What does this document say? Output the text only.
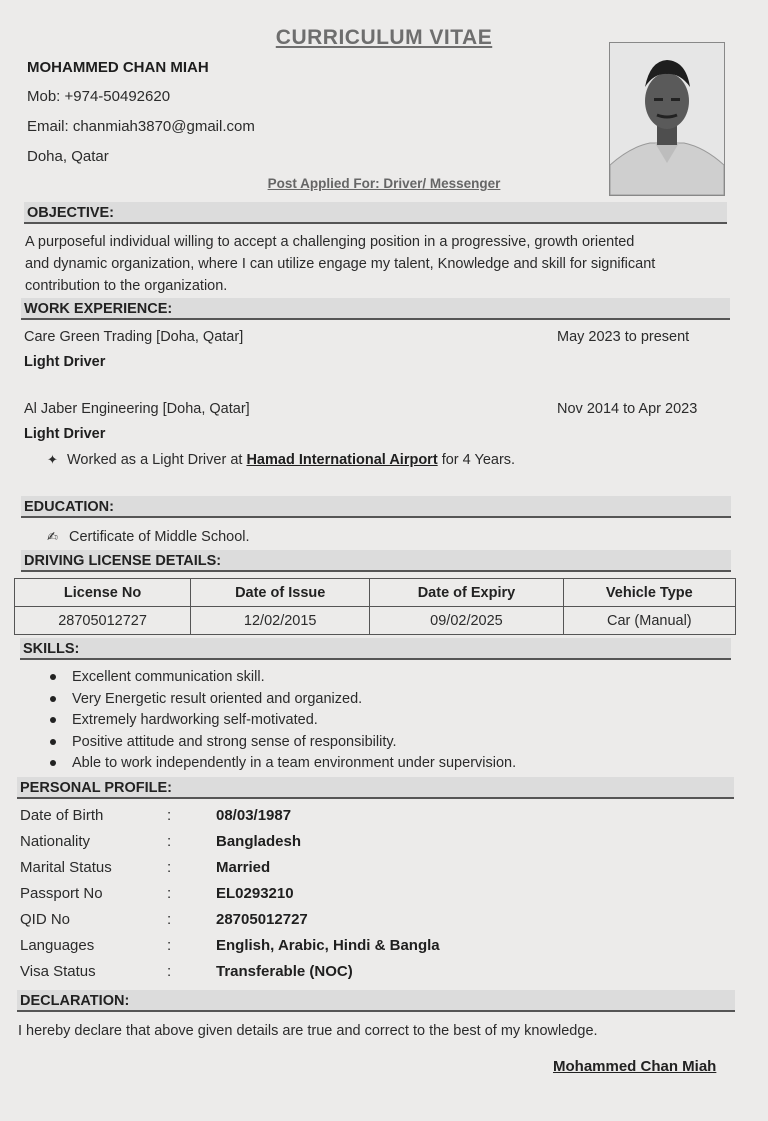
CURRICULUM VITAE
MOHAMMED CHAN MIAH
Mob: +974-50492620
Email: chanmiah3870@gmail.com
Doha, Qatar
Post Applied For: Driver/ Messenger
OBJECTIVE:
A purposeful individual willing to accept a challenging position in a progressive, growth oriented
and dynamic organization, where I can utilize engage my talent, Knowledge and skill for significant
contribution to the organization.
WORK EXPERIENCE:
Care Green Trading [Doha, Qatar]	May 2023 to present
Light Driver
Al Jaber Engineering [Doha, Qatar]	Nov 2014 to Apr 2023
Light Driver
✦ Worked as a Light Driver at Hamad International Airport for 4 Years.
EDUCATION:
✍ Certificate of Middle School.
DRIVING LICENSE DETAILS:
License No	Date of Issue	Date of Expiry	Vehicle Type
28705012727	12/02/2015	09/02/2025	Car (Manual)
SKILLS:
Excellent communication skill.
Very Energetic result oriented and organized.
Extremely hardworking self-motivated.
Positive attitude and strong sense of responsibility.
Able to work independently in a team environment under supervision.
PERSONAL PROFILE:
Date of Birth	:	08/03/1987
Nationality	:	Bangladesh
Marital Status	:	Married
Passport No	:	EL0293210
QID No	:	28705012727
Languages	:	English, Arabic, Hindi & Bangla
Visa Status	:	Transferable (NOC)
DECLARATION:
I hereby declare that above given details are true and correct to the best of my knowledge.
Mohammed Chan Miah
